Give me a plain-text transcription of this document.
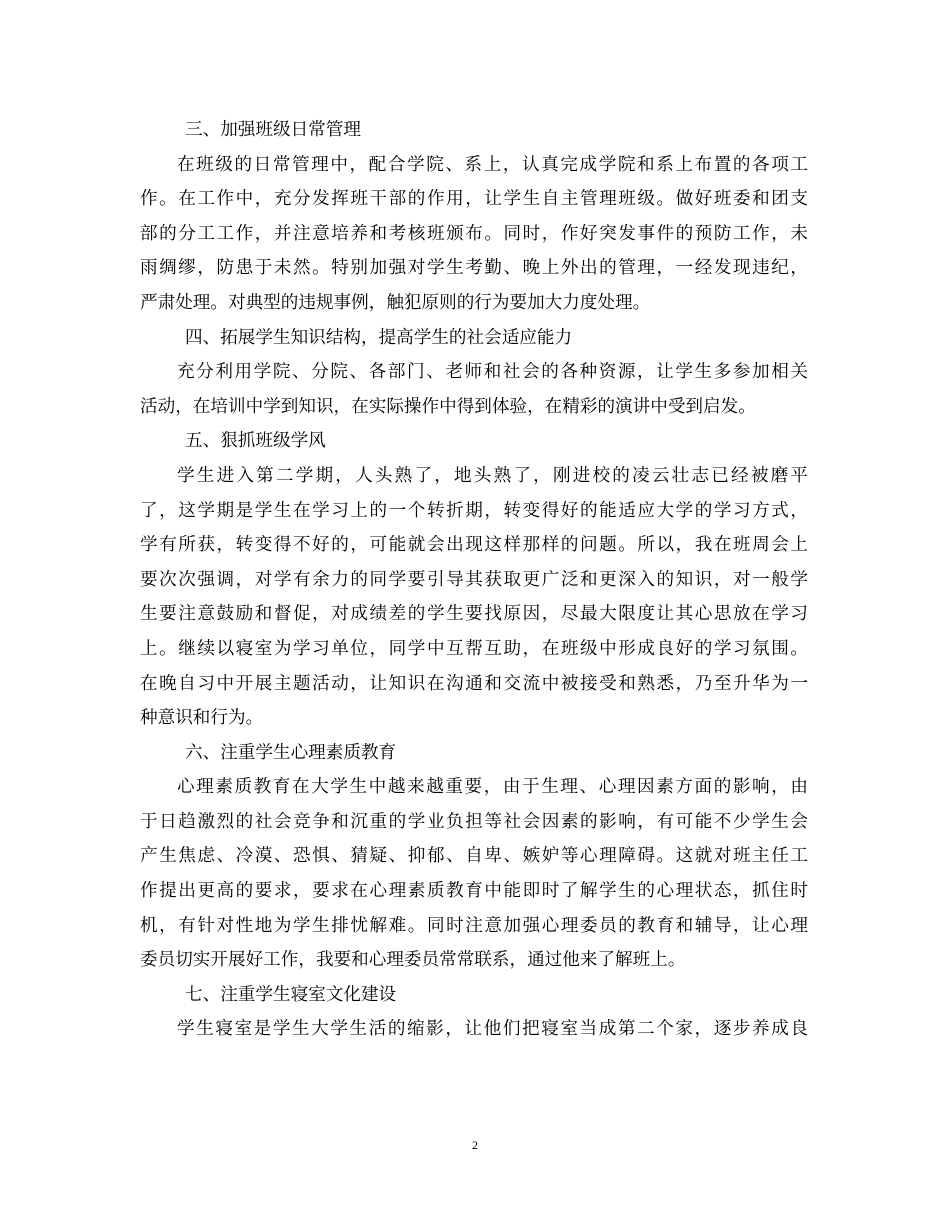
三、加强班级日常管理
在班级的日常管理中，配合学院、系上，认真完成学院和系上布置的各项工
作。在工作中，充分发挥班干部的作用，让学生自主管理班级。做好班委和团支
部的分工工作，并注意培养和考核班颁布。同时，作好突发事件的预防工作，未
雨绸缪，防患于未然。特别加强对学生考勤、晚上外出的管理，一经发现违纪，
严肃处理。对典型的违规事例，触犯原则的行为要加大力度处理。
四、拓展学生知识结构，提高学生的社会适应能力
充分利用学院、分院、各部门、老师和社会的各种资源，让学生多参加相关
活动，在培训中学到知识，在实际操作中得到体验，在精彩的演讲中受到启发。
五、狠抓班级学风
学生进入第二学期，人头熟了，地头熟了，刚进校的凌云壮志已经被磨平
了，这学期是学生在学习上的一个转折期，转变得好的能适应大学的学习方式，
学有所获，转变得不好的，可能就会出现这样那样的问题。所以，我在班周会上
要次次强调，对学有余力的同学要引导其获取更广泛和更深入的知识，对一般学
生要注意鼓励和督促，对成绩差的学生要找原因，尽最大限度让其心思放在学习
上。继续以寝室为学习单位，同学中互帮互助，在班级中形成良好的学习氛围。
在晚自习中开展主题活动，让知识在沟通和交流中被接受和熟悉，乃至升华为一
种意识和行为。
六、注重学生心理素质教育
心理素质教育在大学生中越来越重要，由于生理、心理因素方面的影响，由
于日趋激烈的社会竞争和沉重的学业负担等社会因素的影响，有可能不少学生会
产生焦虑、冷漠、恐惧、猜疑、抑郁、自卑、嫉妒等心理障碍。这就对班主任工
作提出更高的要求，要求在心理素质教育中能即时了解学生的心理状态，抓住时
机，有针对性地为学生排忧解难。同时注意加强心理委员的教育和辅导，让心理
委员切实开展好工作，我要和心理委员常常联系，通过他来了解班上。
七、注重学生寝室文化建设
学生寝室是学生大学生活的缩影，让他们把寝室当成第二个家，逐步养成良
2
